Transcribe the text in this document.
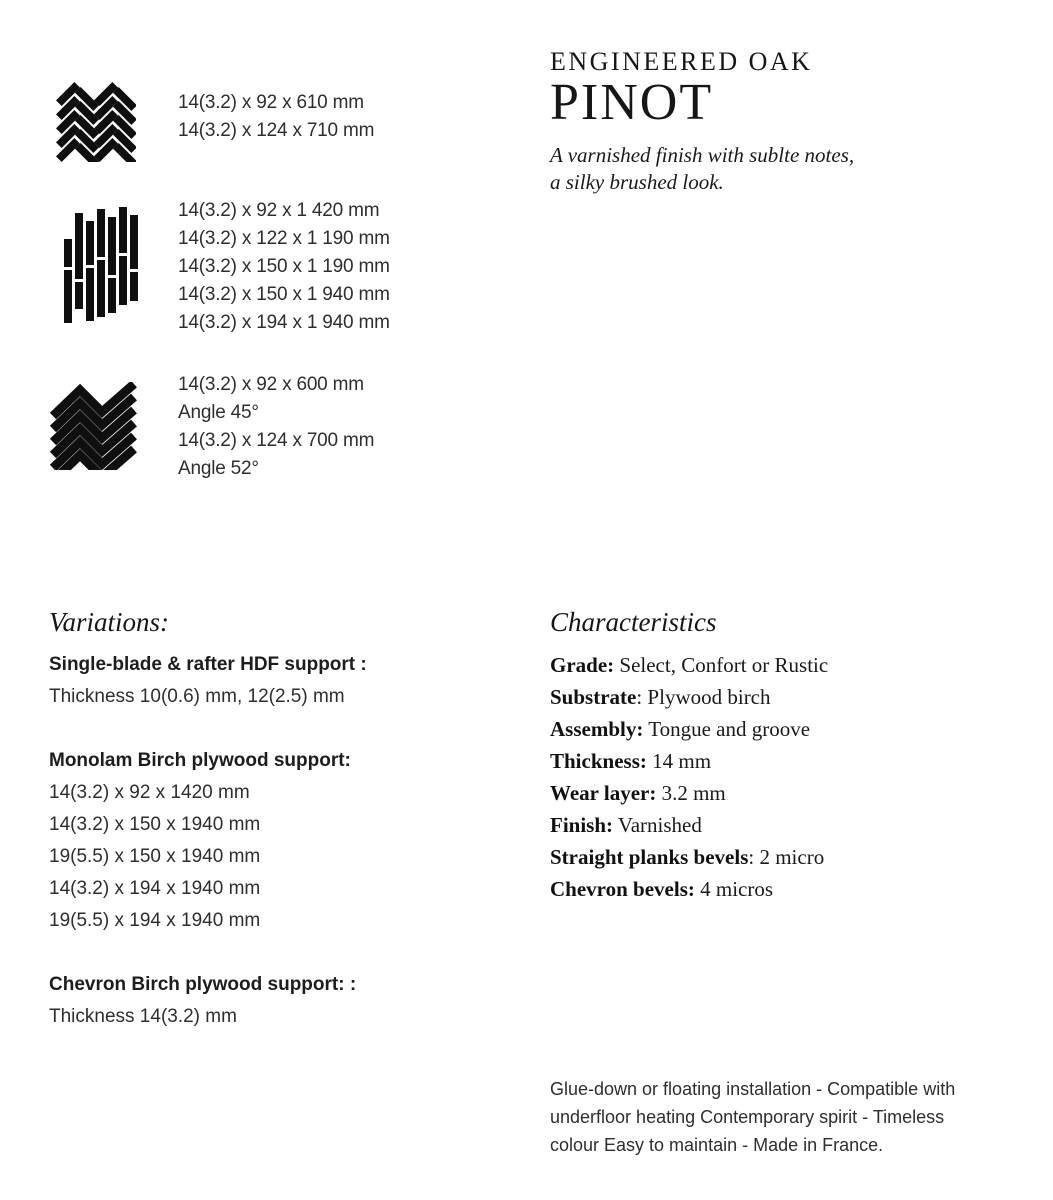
14(3.2) x 92 x 610 mm
14(3.2) x 124 x 710 mm
14(3.2) x 92 x 1 420 mm
14(3.2) x 122 x 1 190 mm
14(3.2) x 150 x 1 190 mm
14(3.2) x 150 x 1 940 mm
14(3.2) x 194 x 1 940 mm
14(3.2) x 92 x 600 mm
Angle 45°
14(3.2) x 124 x 700 mm
Angle 52°
ENGINEERED OAK
PINOT
A varnished finish with sublte notes,
a silky brushed look.
Variations:
Single-blade & rafter HDF support :
Thickness 10(0.6) mm, 12(2.5) mm
Monolam Birch plywood support:
14(3.2) x 92 x 1420 mm
14(3.2) x 150 x 1940 mm
19(5.5) x 150 x 1940 mm
14(3.2) x 194 x 1940 mm
19(5.5) x 194 x 1940 mm
Chevron Birch plywood support: :
Thickness 14(3.2) mm
Characteristics
Grade: Select, Confort or Rustic
Substrate: Plywood birch
Assembly: Tongue and groove
Thickness: 14 mm
Wear layer: 3.2 mm
Finish: Varnished
Straight planks bevels: 2 micro
Chevron bevels: 4 micros

Glue-down or floating installation - Compatible with underfloor heating Contemporary spirit - Timeless colour Easy to maintain - Made in France.
